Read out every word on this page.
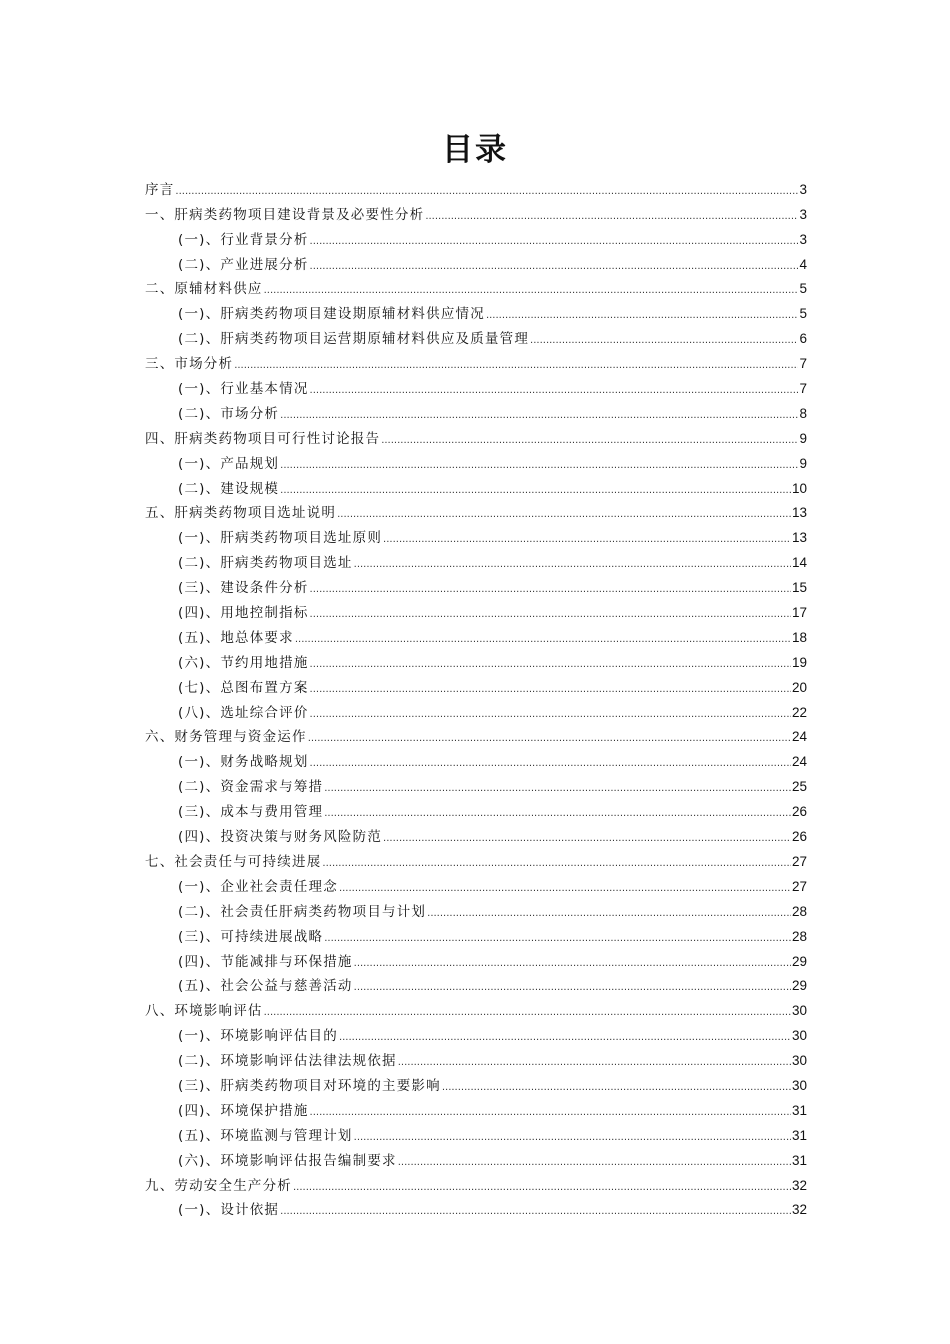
目录
序言 .....	3
一、肝病类药物项目建设背景及必要性分析 .....	3
(一)、行业背景分析 .....	3
(二)、产业进展分析 .....	4
二、原辅材料供应 .....	5
(一)、肝病类药物项目建设期原辅材料供应情况 .....	5
(二)、肝病类药物项目运营期原辅材料供应及质量管理 .....	6
三、市场分析 .....	7
(一)、行业基本情况 .....	7
(二)、市场分析 .....	8
四、肝病类药物项目可行性讨论报告 .....	9
(一)、产品规划 .....	9
(二)、建设规模 .....	10
五、肝病类药物项目选址说明 .....	13
(一)、肝病类药物项目选址原则 .....	13
(二)、肝病类药物项目选址 .....	14
(三)、建设条件分析 .....	15
(四)、用地控制指标 .....	17
(五)、地总体要求 .....	18
(六)、节约用地措施 .....	19
(七)、总图布置方案 .....	20
(八)、选址综合评价 .....	22
六、财务管理与资金运作 .....	24
(一)、财务战略规划 .....	24
(二)、资金需求与筹措 .....	25
(三)、成本与费用管理 .....	26
(四)、投资决策与财务风险防范 .....	26
七、社会责任与可持续进展 .....	27
(一)、企业社会责任理念 .....	27
(二)、社会责任肝病类药物项目与计划 .....	28
(三)、可持续进展战略 .....	28
(四)、节能减排与环保措施 .....	29
(五)、社会公益与慈善活动 .....	29
八、环境影响评估 .....	30
(一)、环境影响评估目的 .....	30
(二)、环境影响评估法律法规依据 .....	30
(三)、肝病类药物项目对环境的主要影响 .....	30
(四)、环境保护措施 .....	31
(五)、环境监测与管理计划 .....	31
(六)、环境影响评估报告编制要求 .....	31
九、劳动安全生产分析 .....	32
(一)、设计依据 .....	32
